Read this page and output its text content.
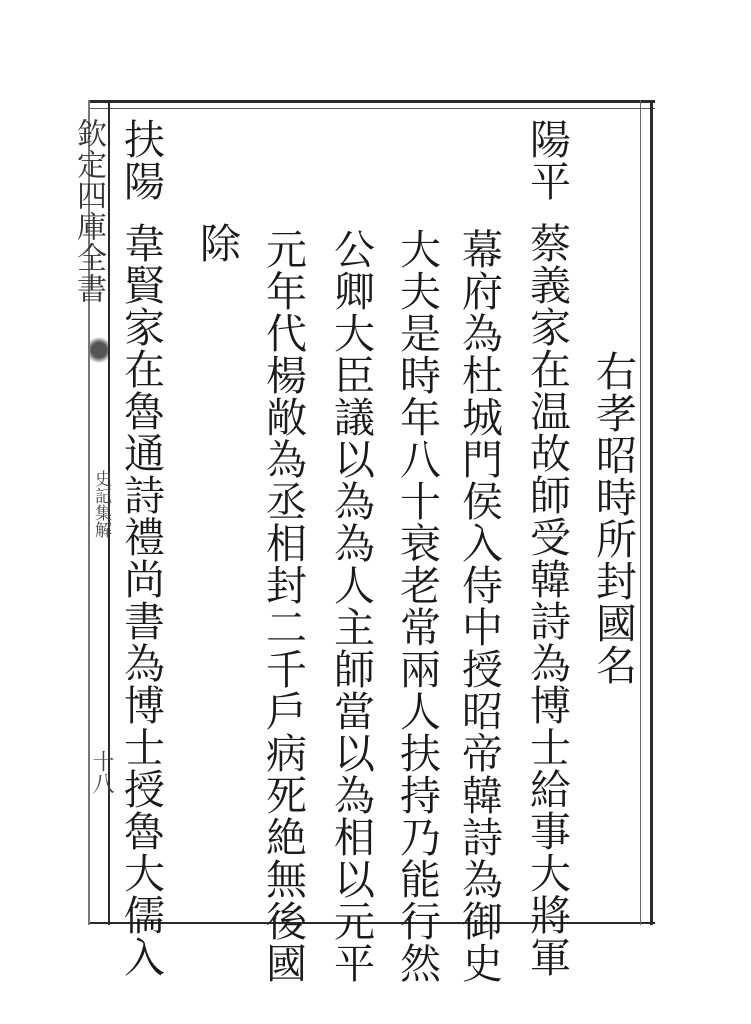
欽定四庫全書
史記集解
十八
右孝昭時所封國名
陽平
蔡義家在温故師受韓詩為博士給事大將軍
幕府為杜城門侯入侍中授昭帝韓詩為御史
大夫是時年八十衰老常兩人扶持乃能行然
公卿大臣議以為為人主師當以為相以元平
元年代楊敞為丞相封二千戶病死絶無後國
除
扶陽
韋賢家在魯通詩禮尚書為博士授魯大儒入
